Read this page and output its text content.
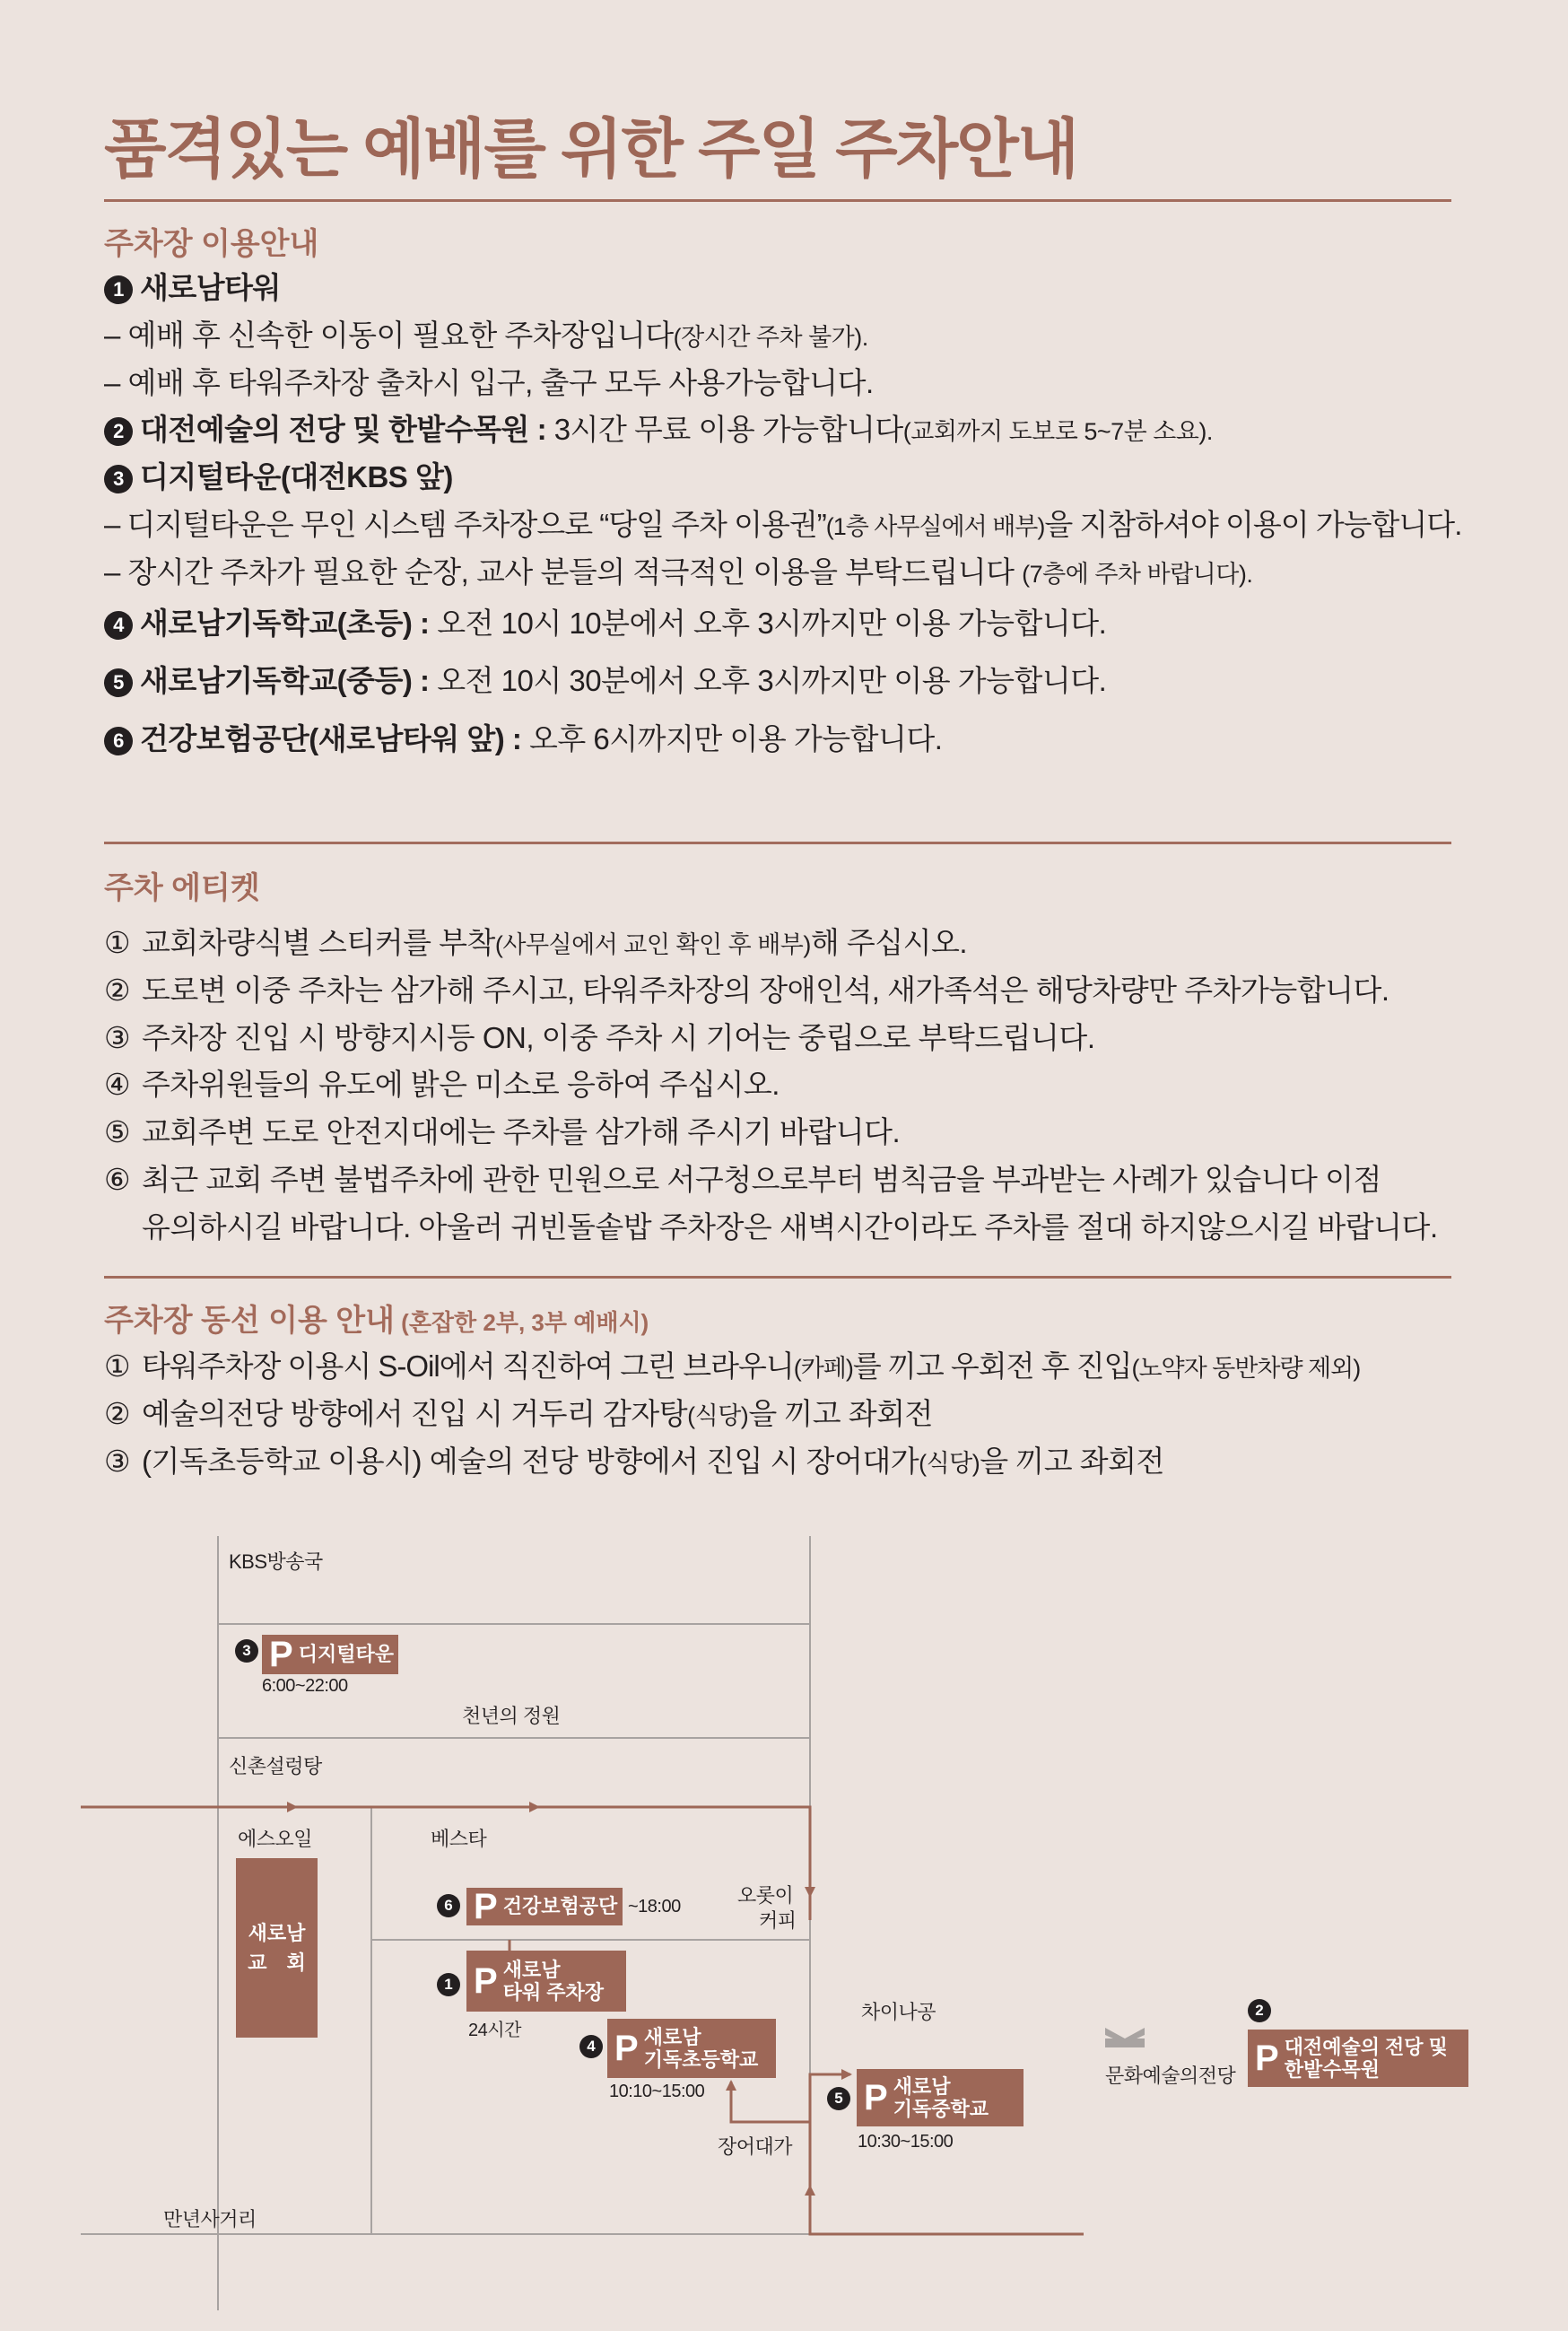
품격있는 예배를 위한 주일 주차안내
주차장 이용안내
1 새로남타워
– 예배 후 신속한 이동이 필요한 주차장입니다(장시간 주차 불가).
– 예배 후 타워주차장 출차시 입구, 출구 모두 사용가능합니다.
2 대전예술의 전당 및 한밭수목원 : 3시간 무료 이용 가능합니다(교회까지 도보로 5~7분 소요).
3 디지털타운(대전KBS 앞)
– 디지털타운은 무인 시스템 주차장으로 “당일 주차 이용권”(1층 사무실에서 배부)을 지참하셔야 이용이 가능합니다.
– 장시간 주차가 필요한 순장, 교사 분들의 적극적인 이용을 부탁드립니다 (7층에 주차 바랍니다).
4 새로남기독학교(초등) : 오전 10시 10분에서 오후 3시까지만 이용 가능합니다.
5 새로남기독학교(중등) : 오전 10시 30분에서 오후 3시까지만 이용 가능합니다.
6 건강보험공단(새로남타워 앞) : 오후 6시까지만 이용 가능합니다.
주차 에티켓
① 교회차량식별 스티커를 부착(사무실에서 교인 확인 후 배부)해 주십시오.
② 도로변 이중 주차는 삼가해 주시고, 타워주차장의 장애인석, 새가족석은 해당차량만 주차가능합니다.
③ 주차장 진입 시 방향지시등 ON, 이중 주차 시 기어는 중립으로 부탁드립니다.
④ 주차위원들의 유도에 밝은 미소로 응하여 주십시오.
⑤ 교회주변 도로 안전지대에는 주차를 삼가해 주시기 바랍니다.
⑥ 최근 교회 주변 불법주차에 관한 민원으로 서구청으로부터 범칙금을 부과받는 사례가 있습니다 이점
유의하시길 바랍니다. 아울러 귀빈돌솥밥 주차장은 새벽시간이라도 주차를 절대 하지않으시길 바랍니다.
주차장 동선 이용 안내 (혼잡한 2부, 3부 예배시)
① 타워주차장 이용시 S-Oil에서 직진하여 그린 브라우니(카페)를 끼고 우회전 후 진입(노약자 동반차량 제외)
② 예술의전당 방향에서 진입 시 거두리 감자탕(식당)을 끼고 좌회전
③ (기독초등학교 이용시) 예술의 전당 방향에서 진입 시 장어대가(식당)을 끼고 좌회전
KBS방송국
천년의 정원
신촌설렁탕
에스오일	베스타
오롯이
커피
차이나공
문화예술의전당
장어대가
만년사거리
새로남
교　회
3 P 디지털타운
6:00~22:00
6 P 건강보험공단 ~18:00
1 P 새로남
타워 주차장
24시간
4 P 새로남
기독초등학교
10:10~15:00	5 P 새로남
기독중학교
10:30~15:00
2
P 대전예술의 전당 및
한밭수목원
